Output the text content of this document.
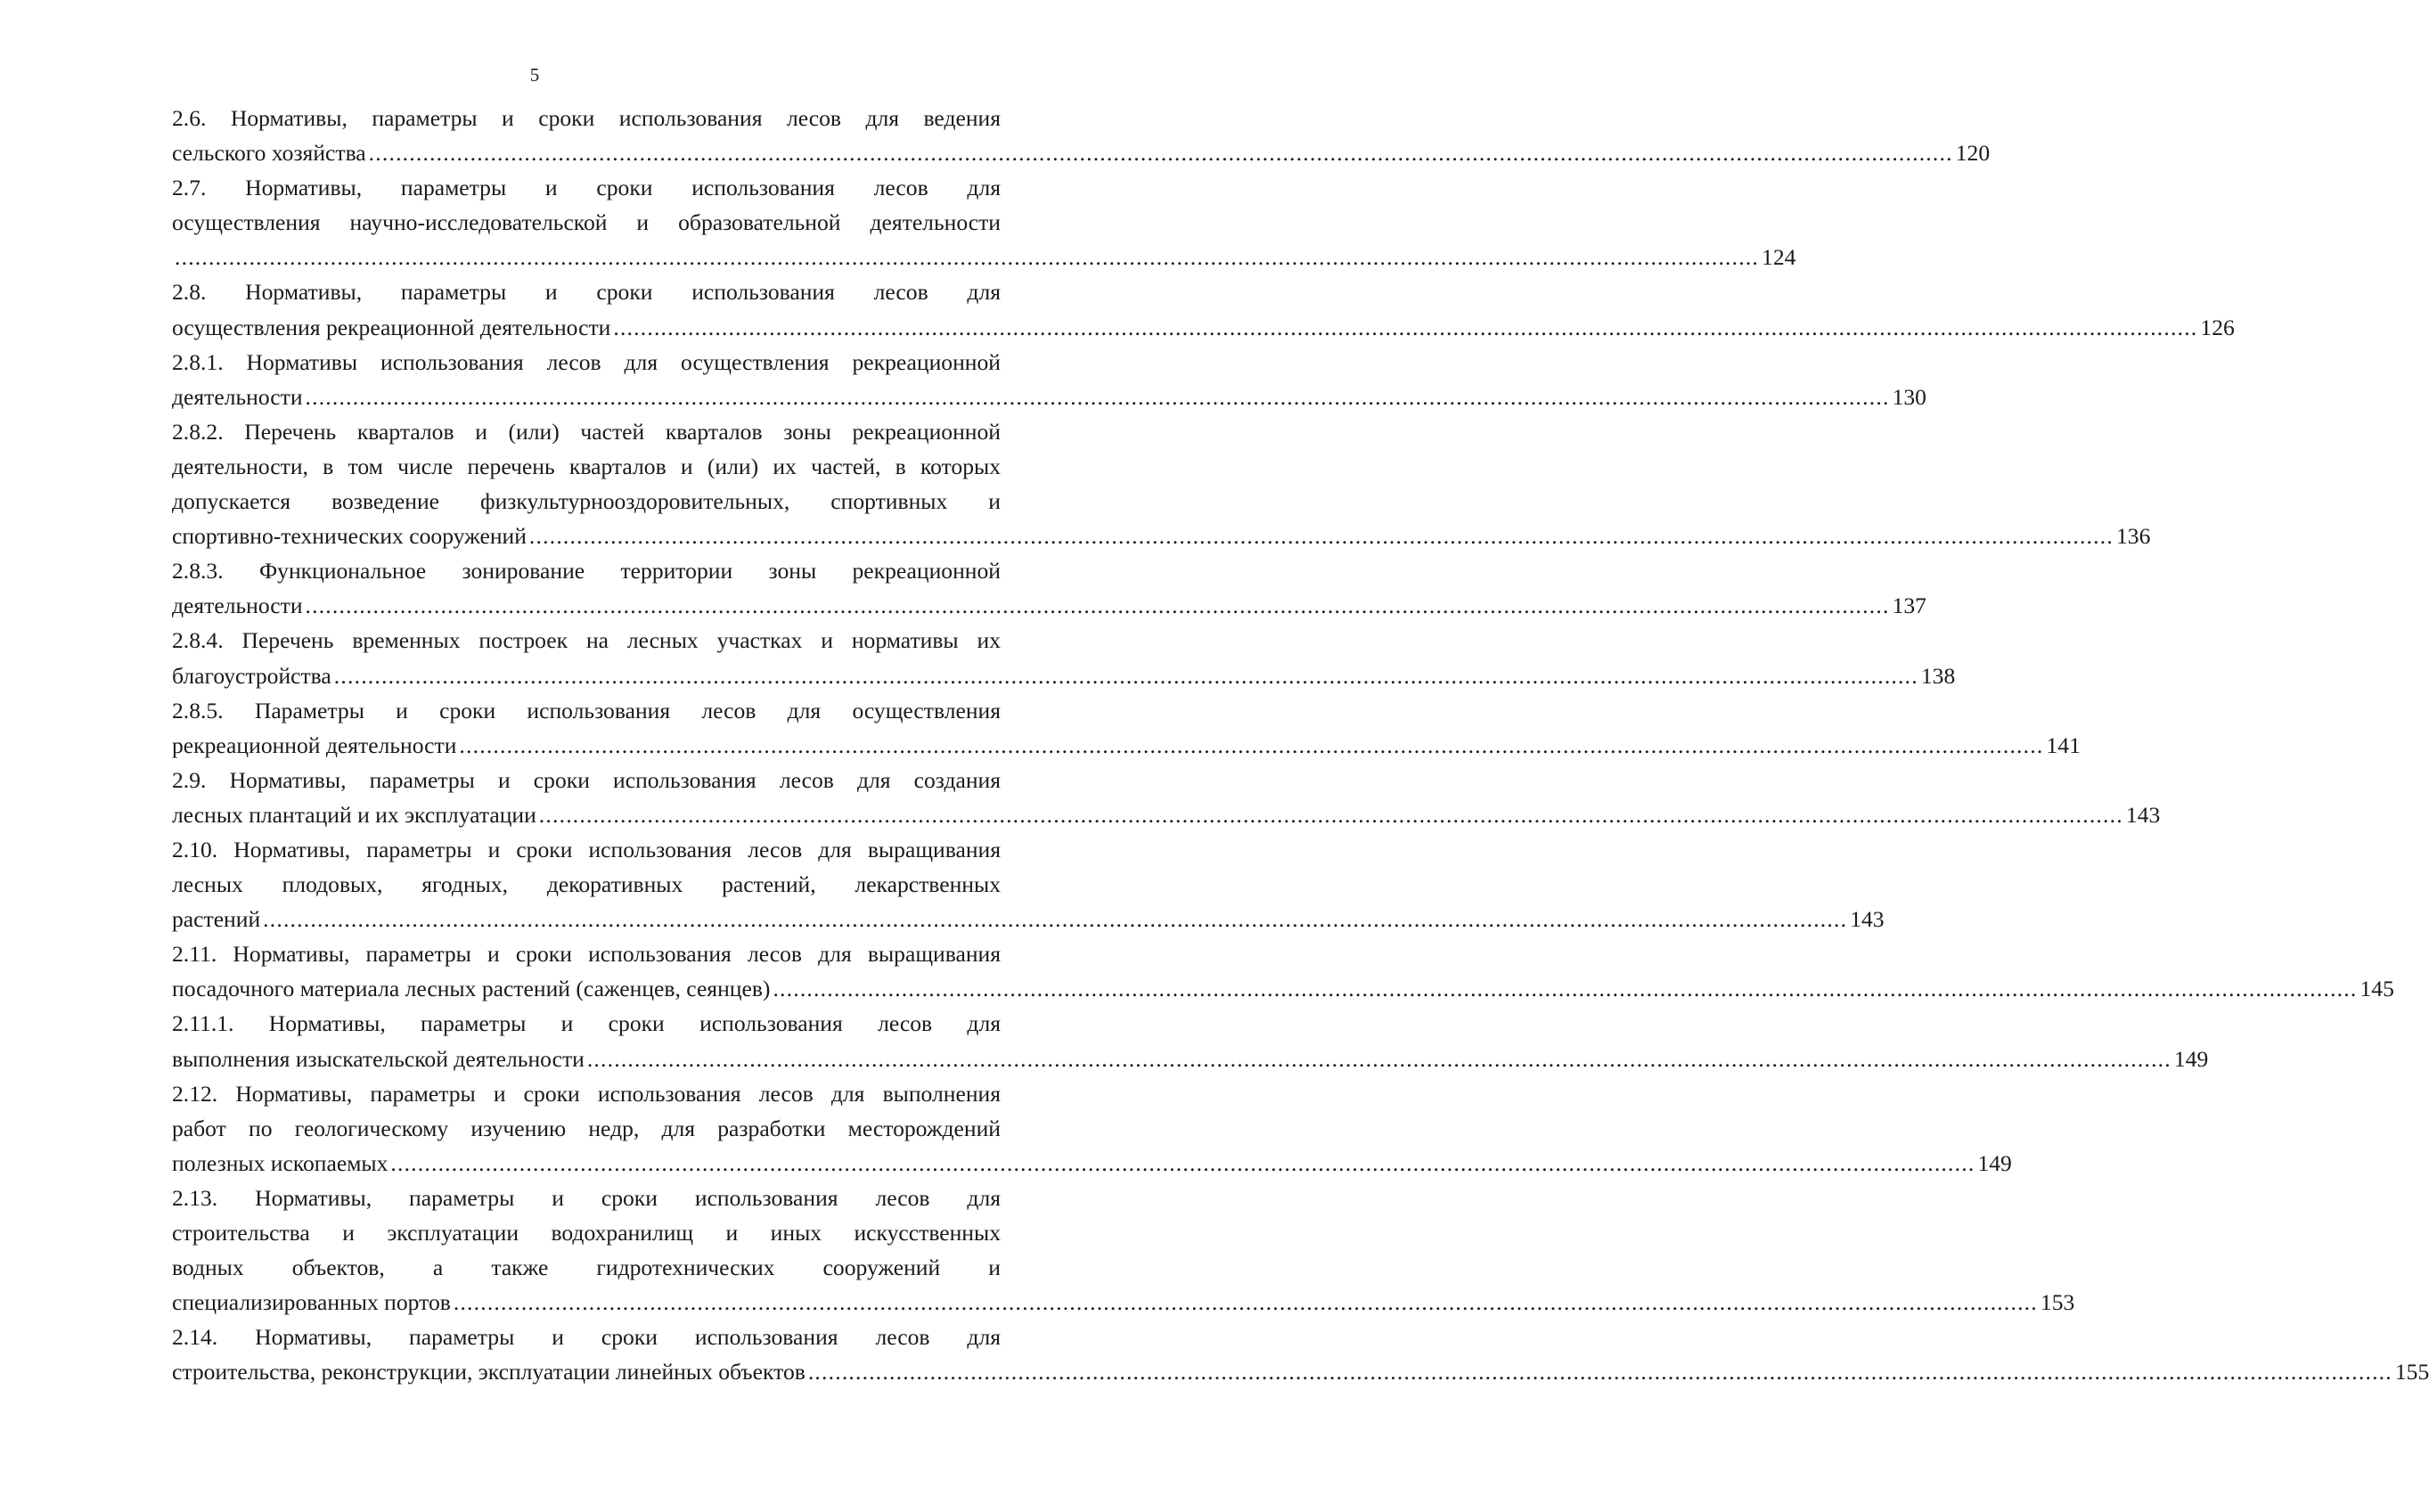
5
2.6. Нормативы, параметры и сроки использования лесов для ведения
сельского хозяйства .......................................................................................................................................................................................................................................... 120
2.7. Нормативы, параметры и сроки использования лесов для
осуществления научно-исследовательской и образовательной деятельности
.......................................................................................................................................................................................................................................... 124
2.8. Нормативы, параметры и сроки использования лесов для
осуществления рекреационной деятельности .......................................................................................................................................................................................................................................... 126
2.8.1. Нормативы использования лесов для осуществления рекреационной
деятельности .......................................................................................................................................................................................................................................... 130
2.8.2. Перечень кварталов и (или) частей кварталов зоны рекреационной
деятельности, в том числе перечень кварталов и (или) их частей, в которых
допускается возведение физкультурнооздоровительных, спортивных и
спортивно-технических сооружений .......................................................................................................................................................................................................................................... 136
2.8.3. Функциональное зонирование территории зоны рекреационной
деятельности .......................................................................................................................................................................................................................................... 137
2.8.4. Перечень временных построек на лесных участках и нормативы их
благоустройства .......................................................................................................................................................................................................................................... 138
2.8.5. Параметры и сроки использования лесов для осуществления
рекреационной деятельности .......................................................................................................................................................................................................................................... 141
2.9. Нормативы, параметры и сроки использования лесов для создания
лесных плантаций и их эксплуатации .......................................................................................................................................................................................................................................... 143
2.10. Нормативы, параметры и сроки использования лесов для выращивания
лесных плодовых, ягодных, декоративных растений, лекарственных
растений .......................................................................................................................................................................................................................................... 143
2.11. Нормативы, параметры и сроки использования лесов для выращивания
посадочного материала лесных растений (саженцев, сеянцев) .......................................................................................................................................................................................................................................... 145
2.11.1. Нормативы, параметры и сроки использования лесов для
выполнения изыскательской деятельности .......................................................................................................................................................................................................................................... 149
2.12. Нормативы, параметры и сроки использования лесов для выполнения
работ по геологическому изучению недр, для разработки месторождений
полезных ископаемых .......................................................................................................................................................................................................................................... 149
2.13. Нормативы, параметры и сроки использования лесов для
строительства и эксплуатации водохранилищ и иных искусственных
водных объектов, а также гидротехнических сооружений и
специализированных портов .......................................................................................................................................................................................................................................... 153
2.14. Нормативы, параметры и сроки использования лесов для
строительства, реконструкции, эксплуатации линейных объектов .......................................................................................................................................................................................................................................... 155
